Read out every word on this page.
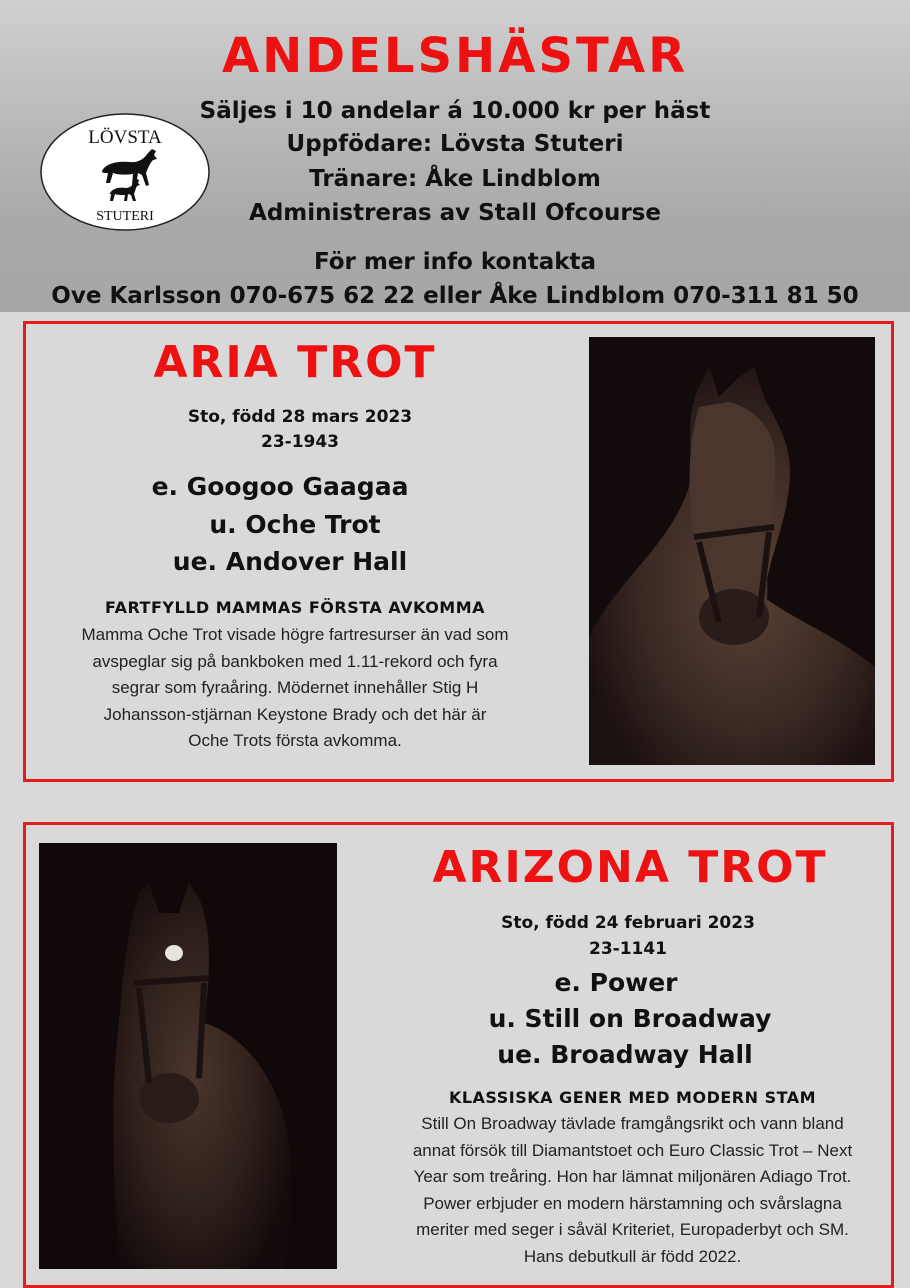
ANDELSHÄSTAR
Säljes i 10 andelar á 10.000 kr per häst
Uppfödare: Lövsta Stuteri
Tränare: Åke Lindblom
Administreras av Stall Ofcourse
För mer info kontakta
Ove Karlsson 070-675 62 22 eller Åke Lindblom 070-311 81 50
LÖVSTA
STUTERI
ARIA TROT
Sto, född 28 mars 2023
23-1943
e. Googoo Gaagaa
u. Oche Trot
ue. Andover Hall
FARTFYLLD MAMMAS FÖRSTA AVKOMMA
Mamma Oche Trot visade högre fartresurser än vad som
avspeglar sig på bankboken med 1.11-rekord och fyra
segrar som fyraåring. Mödernet innehåller Stig H
Johansson-stjärnan Keystone Brady och det här är
Oche Trots första avkomma.
ARIZONA TROT
Sto, född 24 februari 2023
23-1141
e. Power
u. Still on Broadway
ue. Broadway Hall
KLASSISKA GENER MED MODERN STAM
Still On Broadway tävlade framgångsrikt och vann bland
annat försök till Diamantstoet och Euro Classic Trot – Next
Year som treåring. Hon har lämnat miljonären Adiago Trot.
Power erbjuder en modern härstamning och svårslagna
meriter med seger i såväl Kriteriet, Europaderbyt och SM.
Hans debutkull är född 2022.
